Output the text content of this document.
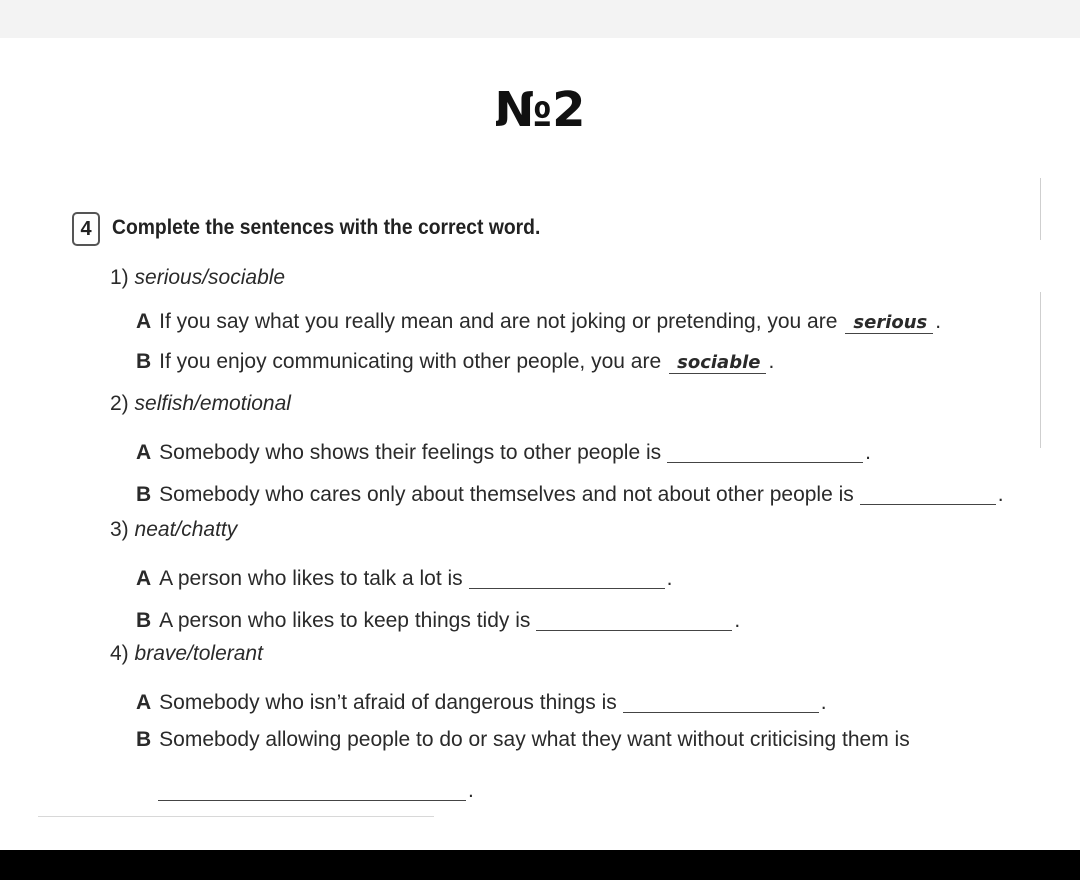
№2
4 Complete the sentences with the correct word.
1) serious/sociable
A If you say what you really mean and are not joking or pretending, you are serious .
B If you enjoy communicating with other people, you are sociable .
2) selfish/emotional
A Somebody who shows their feelings to other people is	.
B Somebody who cares only about themselves and not about other people is	.
3) neat/chatty
A A person who likes to talk a lot is	.
B A person who likes to keep things tidy is	.
4) brave/tolerant
A Somebody who isn’t afraid of dangerous things is	.
B Somebody allowing people to do or say what they want without criticising them is
.
